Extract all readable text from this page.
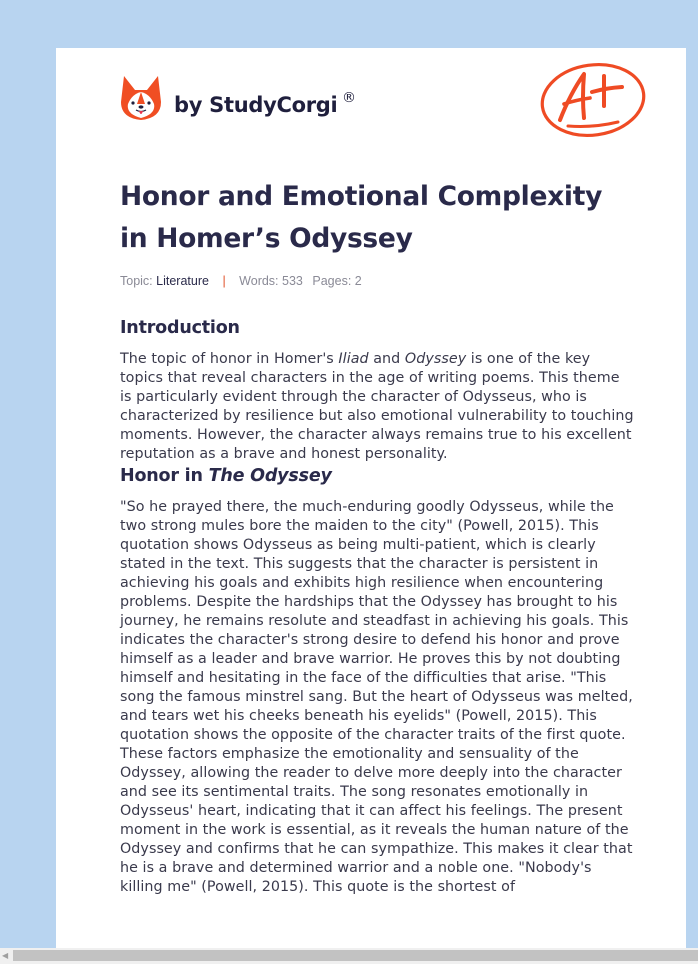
by StudyCorgi ®
Honor and Emotional Complexity in Homer’s Odyssey
Topic: Literature | Words: 533 Pages: 2
Introduction

The topic of honor in Homer's Iliad and Odyssey is one of the key topics that reveal characters in the age of writing poems. This theme is particularly evident through the character of Odysseus, who is characterized by resilience but also emotional vulnerability to touching moments. However, the character always remains true to his excellent reputation as a brave and honest personality.

Honor in The Odyssey

"So he prayed there, the much-enduring goodly Odysseus, while the two strong mules bore the maiden to the city" (Powell, 2015). This quotation shows Odysseus as being multi-patient, which is clearly stated in the text. This suggests that the character is persistent in achieving his goals and exhibits high resilience when encountering problems. Despite the hardships that the Odyssey has brought to his journey, he remains resolute and steadfast in achieving his goals. This indicates the character's strong desire to defend his honor and prove himself as a leader and brave warrior. He proves this by not doubting himself and hesitating in the face of the difficulties that arise. "This song the famous minstrel sang. But the heart of Odysseus was melted, and tears wet his cheeks beneath his eyelids" (Powell, 2015). This quotation shows the opposite of the character traits of the first quote. These factors emphasize the emotionality and sensuality of the Odyssey, allowing the reader to delve more deeply into the character and see its sentimental traits. The song resonates emotionally in Odysseus' heart, indicating that it can affect his feelings. The present moment in the work is essential, as it reveals the human nature of the Odyssey and confirms that he can sympathize. This makes it clear that he is a brave and determined warrior and a noble one. "Nobody's killing me" (Powell, 2015). This quote is the shortest of

◀
